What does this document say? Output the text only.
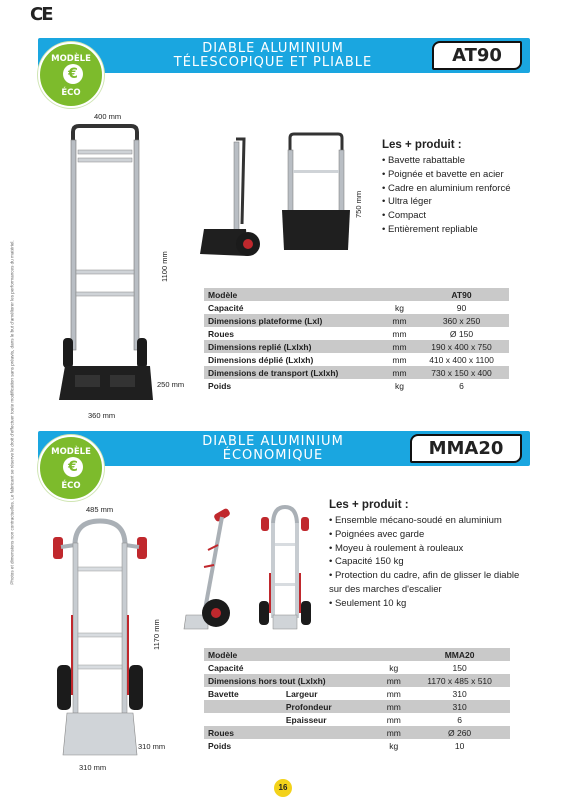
CE
Photos et dimensions non contractuelles. Le fabricant se réserve le droit d'effectuer toute modification sans préavis, dans le but d'améliorer les performances du matériel.
DIABLE ALUMINIUM
TÉLESCOPIQUE ET PLIABLE	AT90
MODÈLE
€
ÉCO
400 mm
1100 mm
250 mm
360 mm
750 mm
Les + produit :
• Bavette rabattable
• Poignée et bavette en acier
• Cadre en aluminium renforcé
• Ultra léger
• Compact
• Entièrement repliable
Modèle		AT90
Capacité	kg	90
Dimensions plateforme (Lxl)	mm	360 x 250
Roues	mm	Ø 150
Dimensions replié (Lxlxh)	mm	190 x 400 x 750
Dimensions déplié (Lxlxh)	mm	410 x 400 x 1100
Dimensions de transport (Lxlxh)	mm	730 x 150 x 400
Poids	kg	6
DIABLE ALUMINIUM
ÉCONOMIQUE	MMA20
MODÈLE
€
ÉCO
485 mm
1170 mm
310 mm
310 mm
Les + produit :
• Ensemble mécano-soudé en aluminium
• Poignées avec garde
• Moyeu à roulement à rouleaux
• Capacité 150 kg
• Protection du cadre, afin de glisser le diable sur des marches d'escalier
• Seulement 10 kg
Modèle			MMA20
Capacité		kg	150
Dimensions hors tout (Lxlxh)		mm	1170 x 485 x 510
Bavette	Largeur	mm	310
	Profondeur	mm	310
	Epaisseur	mm	6
Roues		mm	Ø 260
Poids		kg	10
16
